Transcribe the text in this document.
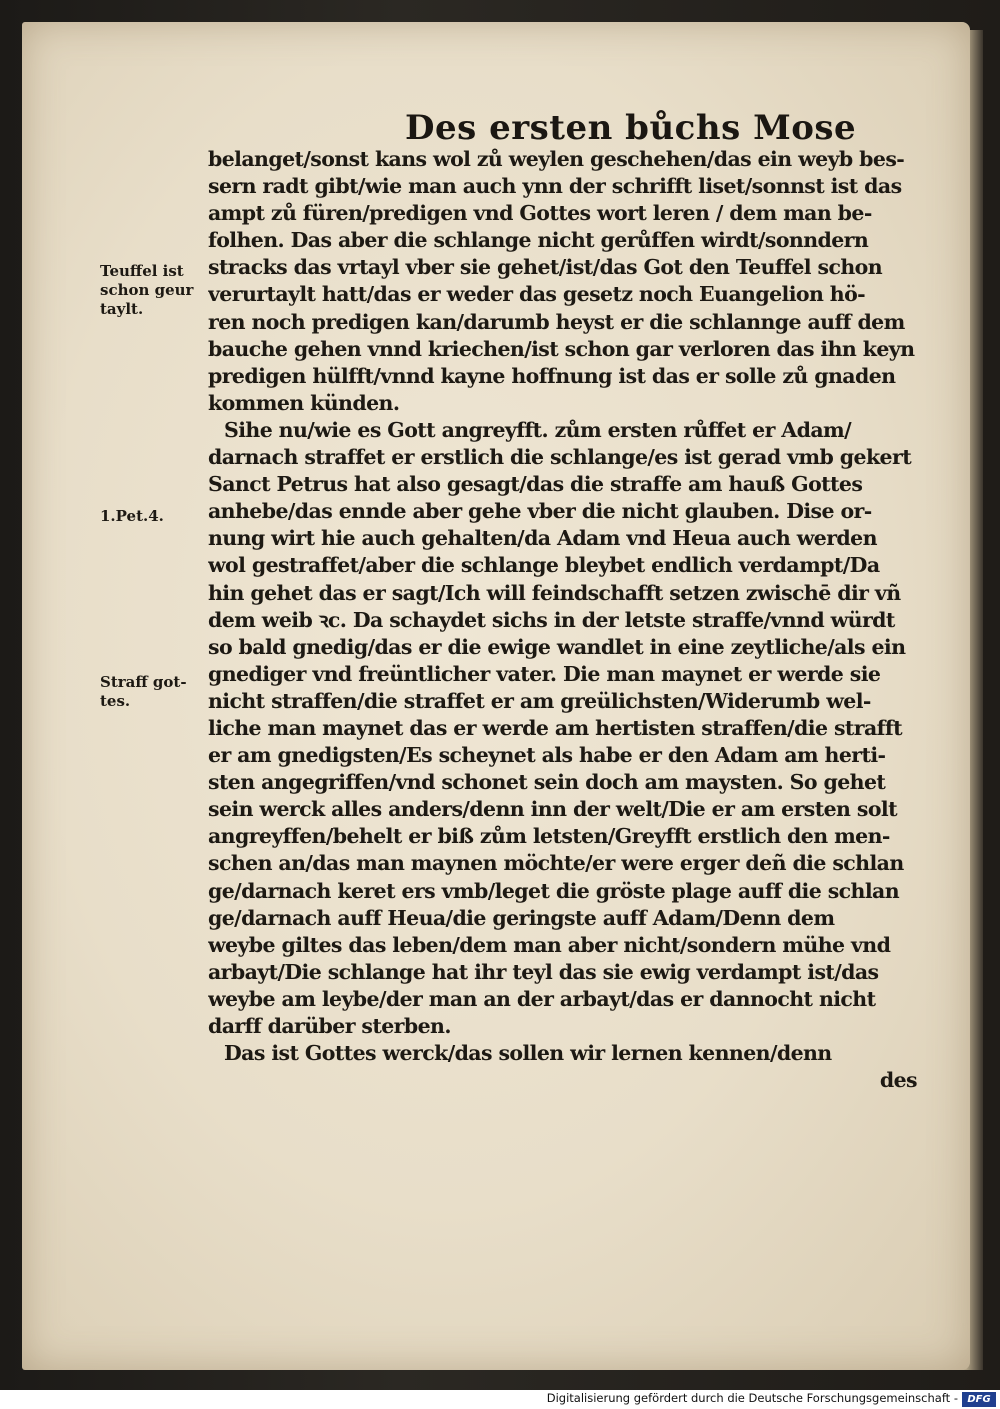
Des ersten bůchs Mose
belanget/sonst kans wol zů weylen geschehen/das ein weyb bes-
sern radt gibt/wie man auch ynn der schrifft liset/sonnst ist das
ampt zů füren/predigen vnd Gottes wort leren / dem man be-
folhen. Das aber die schlange nicht gerůffen wirdt/sonndern
stracks das vrtayl vber sie gehet/ist/das Got den Teuffel schon
verurtaylt hatt/das er weder das gesetz noch Euangelion hö-
ren noch predigen kan/darumb heyst er die schlannge auff dem
bauche gehen vnnd kriechen/ist schon gar verloren das ihn keyn
predigen hülfft/vnnd kayne hoffnung ist das er solle zů gnaden
kommen künden.
Sihe nu/wie es Gott angreyfft. zům ersten růffet er Adam/
darnach straffet er erstlich die schlange/es ist gerad vmb gekert
Sanct Petrus hat also gesagt/das die straffe am hauß Gottes
anhebe/das ennde aber gehe vber die nicht glauben. Dise or-
nung wirt hie auch gehalten/da Adam vnd Heua auch werden
wol gestraffet/aber die schlange bleybet endlich verdampt/Da
hin gehet das er sagt/Ich will feindschafft setzen zwischē dir vñ
dem weib ꝛc. Da schaydet sichs in der letste straffe/vnnd würdt
so bald gnedig/das er die ewige wandlet in eine zeytliche/als ein
gnediger vnd freüntlicher vater. Die man maynet er werde sie
nicht straffen/die straffet er am greülichsten/Widerumb wel-
liche man maynet das er werde am hertisten straffen/die strafft
er am gnedigsten/Es scheynet als habe er den Adam am herti-
sten angegriffen/vnd schonet sein doch am maysten. So gehet
sein werck alles anders/denn inn der welt/Die er am ersten solt
angreyffen/behelt er biß zům letsten/Greyfft erstlich den men-
schen an/das man maynen möchte/er were erger deñ die schlan
ge/darnach keret ers vmb/leget die gröste plage auff die schlan
ge/darnach auff Heua/die geringste auff Adam/Denn dem
weybe giltes das leben/dem man aber nicht/sondern mühe vnd
arbayt/Die schlange hat ihr teyl das sie ewig verdampt ist/das
weybe am leybe/der man an der arbayt/das er dannocht nicht
darff darüber sterben.
Das ist Gottes werck/das sollen wir lernen kennen/denn
des
Teuffel ist
schon geur
taylt.
1.Pet.4.
Straff got-
tes.
Digitalisierung gefördert durch die Deutsche Forschungsgemeinschaft - DFG
